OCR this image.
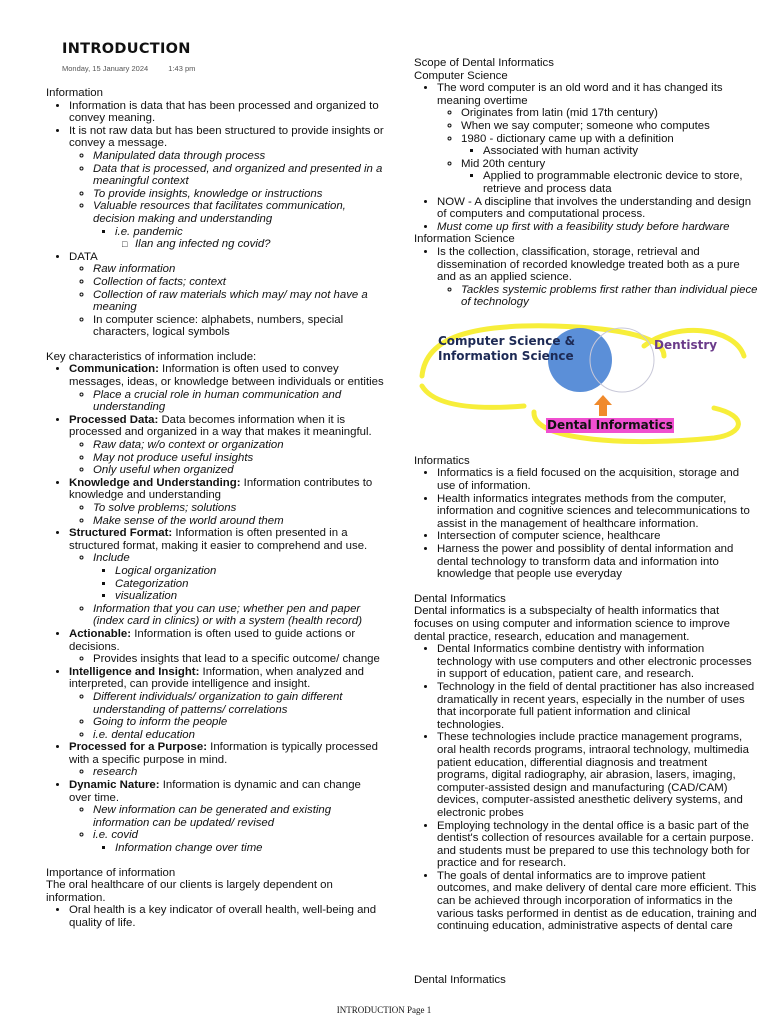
INTRODUCTION
Monday, 15 January 2024	1:43 pm
Information
• Information is data that has been processed and organized to convey meaning.
• It is not raw data but has been structured to provide insights or convey a message.
◦ Manipulated data through process
◦ Data that is processed, and organized and presented in a meaningful context
◦ To provide insights, knowledge or instructions
◦ Valuable resources that facilitates communication, decision making and understanding
▪ i.e. pandemic
□ Ilan ang infected ng covid?
• DATA
◦ Raw information
◦ Collection of facts; context
◦ Collection of raw materials which may/ may not have a meaning
◦ In computer science: alphabets, numbers, special characters, logical symbols
Key characteristics of information include:
• Communication: Information is often used to convey messages, ideas, or knowledge between individuals or entities
◦ Place a crucial role in human communication and understanding
• Processed Data: Data becomes information when it is processed and organized in a way that makes it meaningful.
◦ Raw data; w/o context or organization
◦ May not produce useful insights
◦ Only useful when organized
• Knowledge and Understanding: Information contributes to knowledge and understanding
◦ To solve problems; solutions
◦ Make sense of the world around them
• Structured Format: Information is often presented in a structured format, making it easier to comprehend and use.
◦ Include
▪ Logical organization
▪ Categorization
▪ visualization
◦ Information that you can use; whether pen and paper (index card in clinics) or with a system (health record)
• Actionable: Information is often used to guide actions or decisions.
◦ Provides insights that lead to a specific outcome/ change
• Intelligence and Insight: Information, when analyzed and interpreted, can provide intelligence and insight.
◦ Different individuals/ organization to gain different understanding of patterns/ correlations
◦ Going to inform the people
◦ i.e. dental education
• Processed for a Purpose: Information is typically processed with a specific purpose in mind.
◦ research
• Dynamic Nature: Information is dynamic and can change over time.
◦ New information can be generated and existing information can be updated/ revised
◦ i.e. covid
▪ Information change over time
Importance of information
The oral healthcare of our clients is largely dependent on information.
• Oral health is a key indicator of overall health, well-being and quality of life.
Scope of Dental Informatics
Computer Science
• The word computer is an old word and it has changed its meaning overtime
◦ Originates from latin (mid 17th century)
◦ When we say computer; someone who computes
◦ 1980 - dictionary came up with a definition
▪ Associated with human activity
◦ Mid 20th century
▪ Applied to programmable electronic device to store, retrieve and process data
• NOW - A discipline that involves the understanding and design of computers and computational process.
• Must come up first with a feasibility study before hardware
Information Science
• Is the collection, classification, storage, retrieval and dissemination of recorded knowledge treated both as a pure and as an applied science.
◦ Tackles systemic problems first rather than individual piece of technology
Computer Science & Information Science
Dentistry
Dental Informatics
Informatics
• Informatics is a field focused on the acquisition, storage and use of information.
• Health informatics integrates methods from the computer, information and cognitive sciences and telecommunications to assist in the management of healthcare information.
• Intersection of computer science, healthcare
• Harness the power and possiblity of dental information and dental technology to transform data and information into knowledge that people use everyday
Dental Informatics
Dental informatics is a subspecialty of health informatics that focuses on using computer and information science to improve dental practice, research, education and management.
• Dental Informatics combine dentistry with information technology with use computers and other electronic processes in support of education, patient care, and research.
• Technology in the field of dental practitioner has also increased dramatically in recent years, especially in the number of uses that incorporate full patient information and clinical technologies.
• These technologies include practice management programs, oral health records programs, intraoral technology, multimedia patient education, differential diagnosis and treatment programs, digital radiography, air abrasion, lasers, imaging, computer-assisted design and manufacturing (CAD/CAM) devices, computer-assisted anesthetic delivery systems, and electronic probes
• Employing technology in the dental office is a basic part of the dentist's collection of resources available for a certain purpose. and students must be prepared to use this technology both for practice and for research.
• The goals of dental informatics are to improve patient outcomes, and make delivery of dental care more efficient. This can be achieved through incorporation of informatics in the various tasks performed in dentist as de education, training and continuing education, administrative aspects of dental care
Dental Informatics
INTRODUCTION Page 1
